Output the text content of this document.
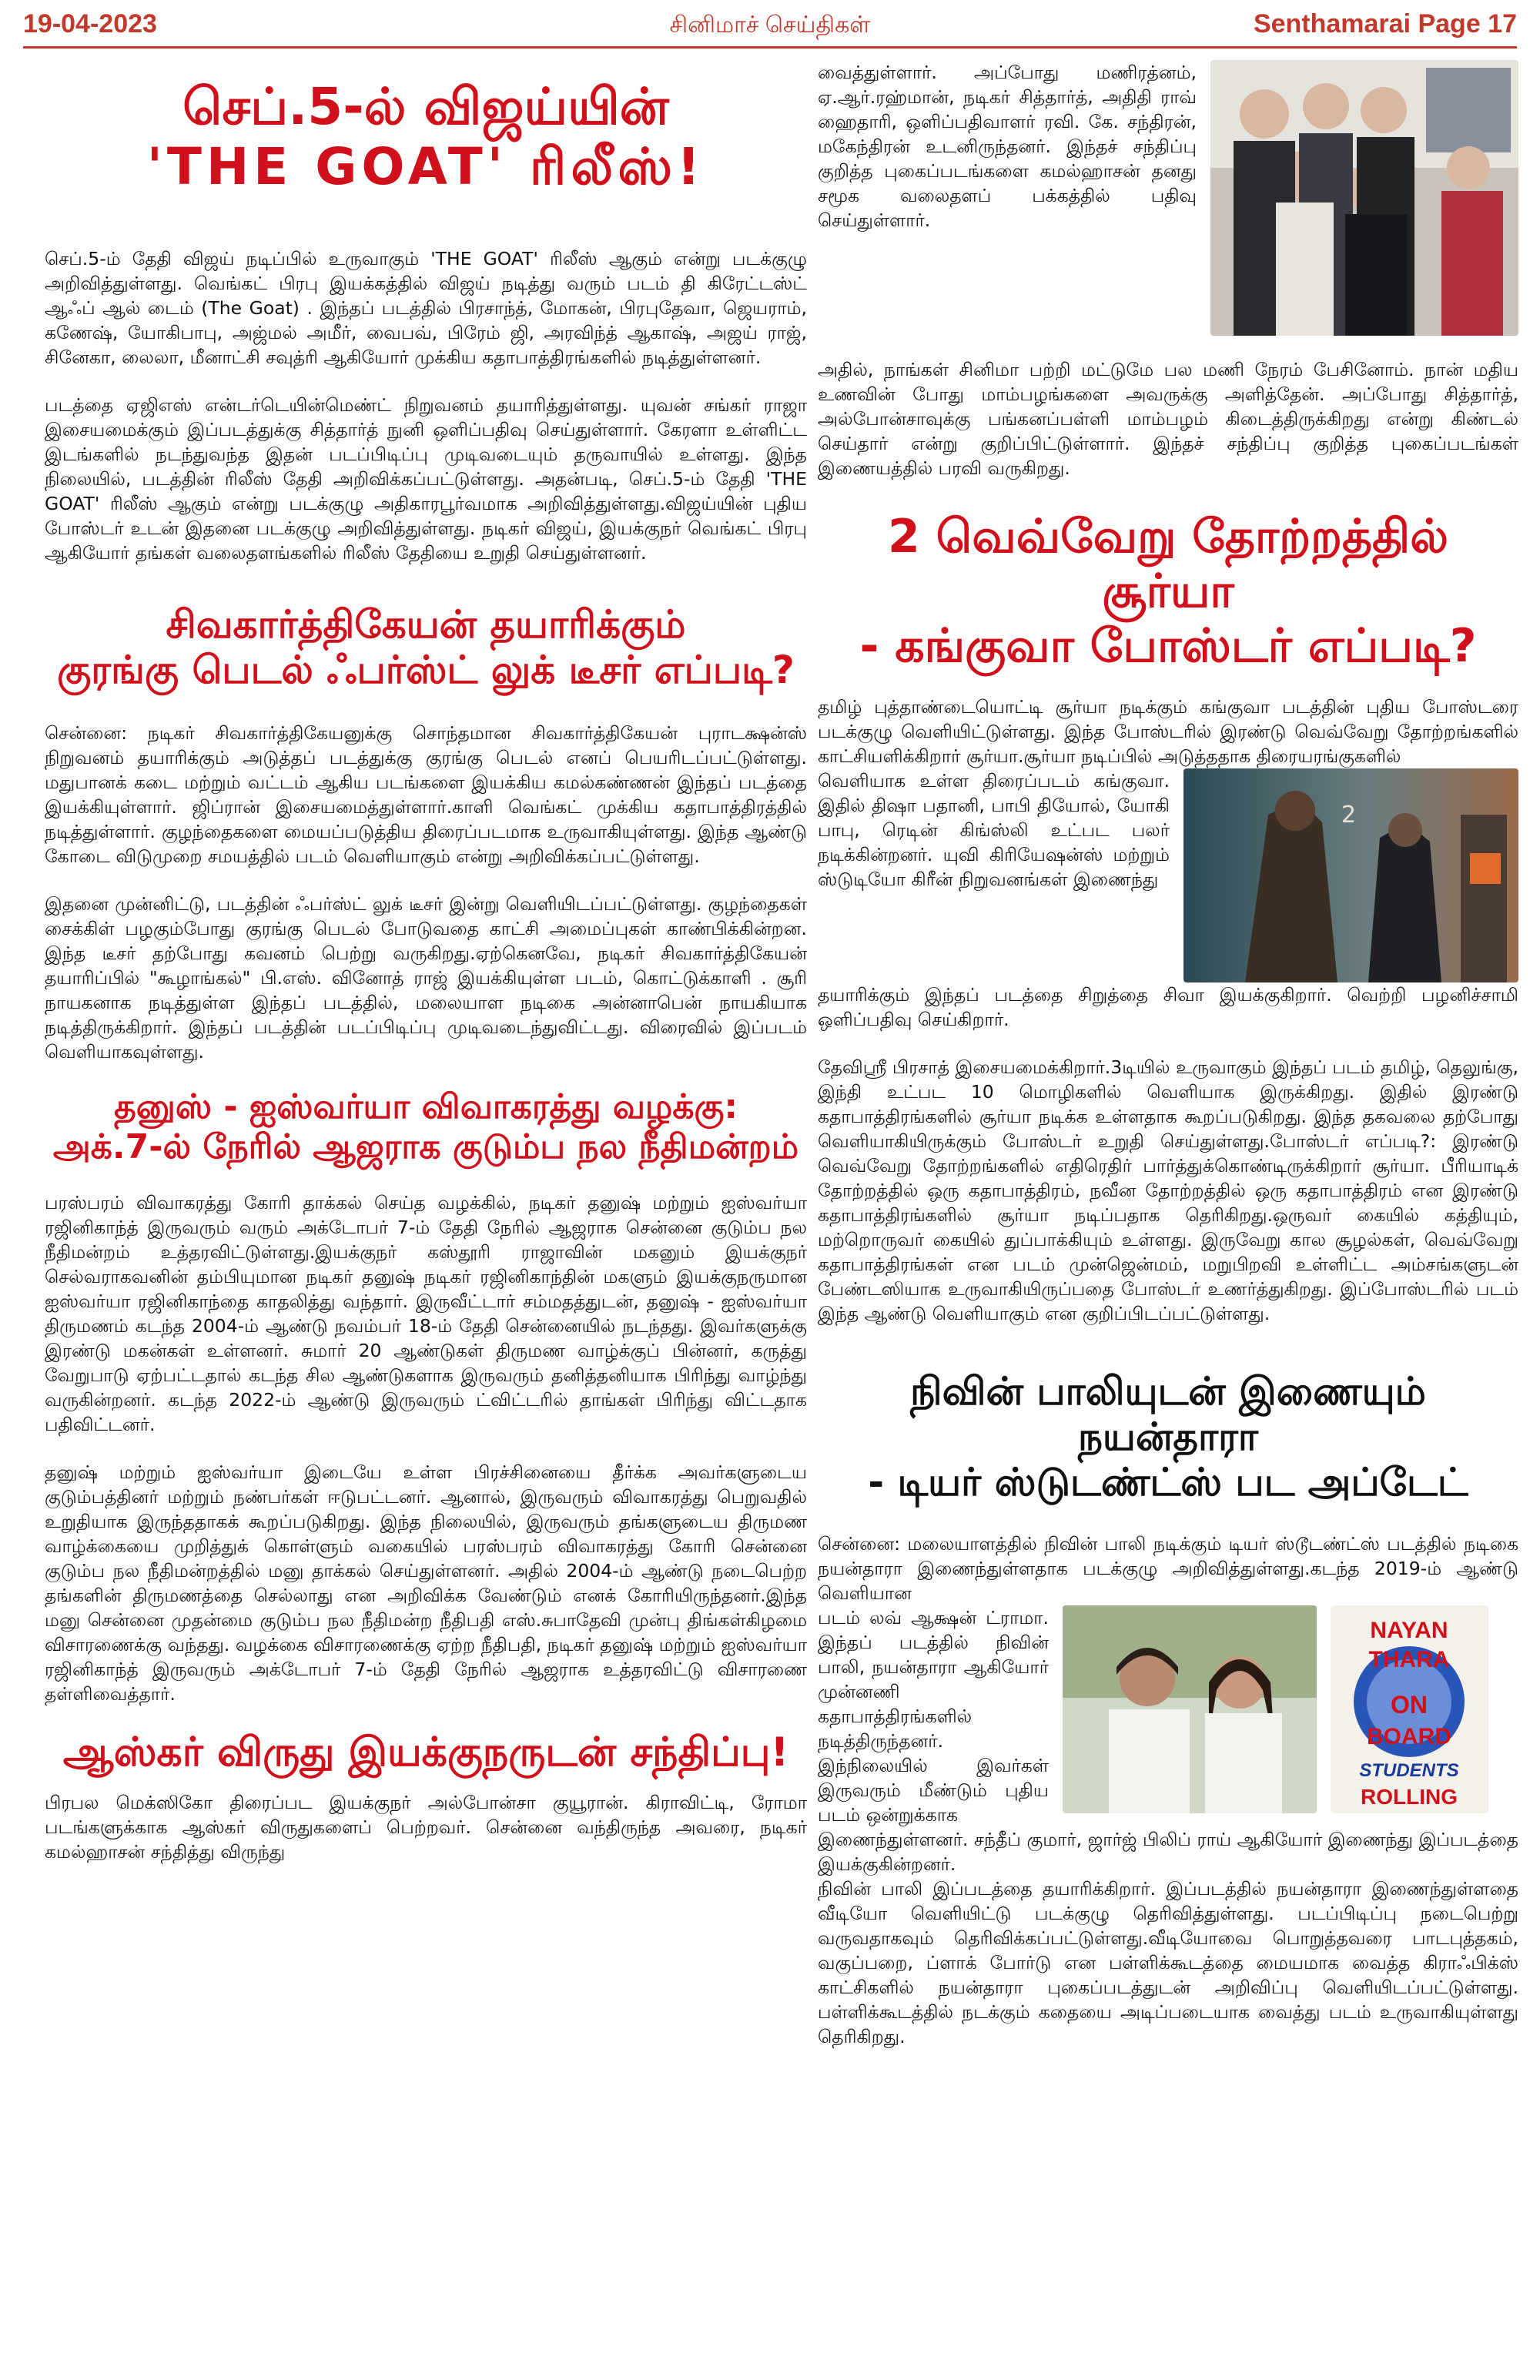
19-04-2023	சினிமாச் செய்திகள்	Senthamarai Page 17
செப்.5-ல் விஜய்யின்
'THE GOAT' ரிலீஸ்!

செப்.5-ம் தேதி விஜய் நடிப்பில் உருவாகும் 'THE GOAT' ரிலீஸ் ஆகும் என்று படக்குழு அறிவித்துள்ளது. வெங்கட் பிரபு இயக்கத்தில் விஜய் நடித்து வரும் படம் தி கிரேட்டஸ்ட் ஆஃப் ஆல் டைம் (The Goat) . இந்தப் படத்தில் பிரசாந்த், மோகன், பிரபுதேவா, ஜெயராம், கணேஷ், யோகிபாபு, அஜ்மல் அமீர், வைபவ், பிரேம் ஜி, அரவிந்த் ஆகாஷ், அஜய் ராஜ், சினேகா, லைலா, மீனாட்சி சவுத்ரி ஆகியோர் முக்கிய கதாபாத்திரங்களில் நடித்துள்ளனர்.

படத்தை ஏஜிஎஸ் என்டர்டெயின்மெண்ட் நிறுவனம் தயாரித்துள்ளது. யுவன் சங்கர் ராஜா இசையமைக்கும் இப்படத்துக்கு சித்தார்த் நுனி ஒளிப்பதிவு செய்துள்ளார். கேரளா உள்ளிட்ட இடங்களில் நடந்துவந்த இதன் படப்பிடிப்பு முடிவடையும் தருவாயில் உள்ளது. இந்த நிலையில், படத்தின் ரிலீஸ் தேதி அறிவிக்கப்பட்டுள்ளது. அதன்படி, செப்.5-ம் தேதி 'THE GOAT' ரிலீஸ் ஆகும் என்று படக்குழு அதிகாரபூர்வமாக அறிவித்துள்ளது.விஜய்யின் புதிய போஸ்டர் உடன் இதனை படக்குழு அறிவித்துள்ளது. நடிகர் விஜய், இயக்குநர் வெங்கட் பிரபு ஆகியோர் தங்கள் வலைதளங்களில் ரிலீஸ் தேதியை உறுதி செய்துள்ளனர்.

சிவகார்த்திகேயன் தயாரிக்கும்
குரங்கு பெடல் ஃபர்ஸ்ட் லுக் டீசர் எப்படி?

சென்னை: நடிகர் சிவகார்த்திகேயனுக்கு சொந்தமான சிவகார்த்திகேயன் புராடக்ஷன்ஸ் நிறுவனம் தயாரிக்கும் அடுத்தப் படத்துக்கு குரங்கு பெடல் எனப் பெயரிடப்பட்டுள்ளது. மதுபானக் கடை மற்றும் வட்டம் ஆகிய படங்களை இயக்கிய கமல்கண்ணன் இந்தப் படத்தை இயக்கியுள்ளார். ஜிப்ரான் இசையமைத்துள்ளார்.காளி வெங்கட் முக்கிய கதாபாத்திரத்தில் நடித்துள்ளார். குழந்தைகளை மையப்படுத்திய திரைப்படமாக உருவாகியுள்ளது. இந்த ஆண்டு கோடை விடுமுறை சமயத்தில் படம் வெளியாகும் என்று அறிவிக்கப்பட்டுள்ளது.

இதனை முன்னிட்டு, படத்தின் ஃபர்ஸ்ட் லுக் டீசர் இன்று வெளியிடப்பட்டுள்ளது. குழந்தைகள் சைக்கிள் பழகும்போது குரங்கு பெடல் போடுவதை காட்சி அமைப்புகள் காண்பிக்கின்றன. இந்த டீசர் தற்போது கவனம் பெற்று வருகிறது.ஏற்கெனவே, நடிகர் சிவகார்த்திகேயன் தயாரிப்பில் "கூழாங்கல்" பி.எஸ். வினோத் ராஜ் இயக்கியுள்ள படம், கொட்டுக்காளி . சூரி நாயகனாக நடித்துள்ள இந்தப் படத்தில், மலையாள நடிகை அன்னாபென் நாயகியாக நடித்திருக்கிறார். இந்தப் படத்தின் படப்பிடிப்பு முடிவடைந்துவிட்டது. விரைவில் இப்படம் வெளியாகவுள்ளது.

தனுஸ் - ஐஸ்வர்யா விவாகரத்து வழக்கு:
அக்.7-ல் நேரில் ஆஜராக குடும்ப நல நீதிமன்றம்

பரஸ்பரம் விவாகரத்து கோரி தாக்கல் செய்த வழக்கில், நடிகர் தனுஷ் மற்றும் ஐஸ்வர்யா ரஜினிகாந்த் இருவரும் வரும் அக்டோபர் 7-ம் தேதி நேரில் ஆஜராக சென்னை குடும்ப நல நீதிமன்றம் உத்தரவிட்டுள்ளது.இயக்குநர் கஸ்தூரி ராஜாவின் மகனும் இயக்குநர் செல்வராகவனின் தம்பியுமான நடிகர் தனுஷ் நடிகர் ரஜினிகாந்தின் மகளும் இயக்குநருமான ஐஸ்வர்யா ரஜினிகாந்தை காதலித்து வந்தார். இருவீட்டார் சம்மதத்துடன், தனுஷ் - ஐஸ்வர்யா திருமணம் கடந்த 2004-ம் ஆண்டு நவம்பர் 18-ம் தேதி சென்னையில் நடந்தது. இவர்களுக்கு இரண்டு மகன்கள் உள்ளனர். சுமார் 20 ஆண்டுகள் திருமண வாழ்க்குப் பின்னர், கருத்து வேறுபாடு ஏற்பட்டதால் கடந்த சில ஆண்டுகளாக இருவரும் தனித்தனியாக பிரிந்து வாழ்ந்து வருகின்றனர். கடந்த 2022-ம் ஆண்டு இருவரும் ட்விட்டரில் தாங்கள் பிரிந்து விட்டதாக பதிவிட்டனர்.

தனுஷ் மற்றும் ஐஸ்வர்யா இடையே உள்ள பிரச்சினையை தீர்க்க அவர்களுடைய குடும்பத்தினர் மற்றும் நண்பர்கள் ஈடுபட்டனர். ஆனால், இருவரும் விவாகரத்து பெறுவதில் உறுதியாக இருந்ததாகக் கூறப்படுகிறது. இந்த நிலையில், இருவரும் தங்களுடைய திருமண வாழ்க்கையை முறித்துக் கொள்ளும் வகையில் பரஸ்பரம் விவாகரத்து கோரி சென்னை குடும்ப நல நீதிமன்றத்தில் மனு தாக்கல் செய்துள்ளனர். அதில் 2004-ம் ஆண்டு நடைபெற்ற தங்களின் திருமணத்தை செல்லாது என அறிவிக்க வேண்டும் எனக் கோரியிருந்தனர்.இந்த மனு சென்னை முதன்மை குடும்ப நல நீதிமன்ற நீதிபதி எஸ்.சுபாதேவி முன்பு திங்கள்கிழமை விசாரணைக்கு வந்தது. வழக்கை விசாரணைக்கு ஏற்ற நீதிபதி, நடிகர் தனுஷ் மற்றும் ஐஸ்வர்யா ரஜினிகாந்த் இருவரும் அக்டோபர் 7-ம் தேதி நேரில் ஆஜராக உத்தரவிட்டு விசாரணை தள்ளிவைத்தார்.

ஆஸ்கர் விருது இயக்குநருடன் சந்திப்பு!

பிரபல மெக்ஸிகோ திரைப்பட இயக்குநர் அல்போன்சா குயூரான். கிராவிட்டி, ரோமா படங்களுக்காக ஆஸ்கர் விருதுகளைப் பெற்றவர். சென்னை வந்திருந்த அவரை, நடிகர் கமல்ஹாசன் சந்தித்து விருந்து

வைத்துள்ளார். அப்போது மணிரத்னம், ஏ.ஆர்.ரஹ்மான், நடிகர் சித்தார்த், அதிதி ராவ் ஹைதாரி, ஒளிப்பதிவாளர் ரவி. கே. சந்திரன், மகேந்திரன் உடனிருந்தனர். இந்தச் சந்திப்பு குறித்த புகைப்படங்களை கமல்ஹாசன் தனது சமூக வலைதளப் பக்கத்தில் பதிவு செய்துள்ளார்.

அதில், நாங்கள் சினிமா பற்றி மட்டுமே பல மணி நேரம் பேசினோம். நான் மதிய உணவின் போது மாம்பழங்களை அவருக்கு அளித்தேன். அப்போது சித்தார்த், அல்போன்சாவுக்கு பங்கனப்பள்ளி மாம்பழம் கிடைத்திருக்கிறது என்று கிண்டல் செய்தார் என்று குறிப்பிட்டுள்ளார். இந்தச் சந்திப்பு குறித்த புகைப்படங்கள் இணையத்தில் பரவி வருகிறது.

2 வெவ்வேறு தோற்றத்தில் சூர்யா
- கங்குவா போஸ்டர் எப்படி?

தமிழ் புத்தாண்டையொட்டி சூர்யா நடிக்கும் கங்குவா படத்தின் புதிய போஸ்டரை படக்குழு வெளியிட்டுள்ளது. இந்த போஸ்டரில் இரண்டு வெவ்வேறு தோற்றங்களில் காட்சியளிக்கிறார் சூர்யா.சூர்யா நடிப்பில் அடுத்ததாக திரையரங்குகளில்

வெளியாக உள்ள திரைப்படம் கங்குவா. இதில் திஷா பதானி, பாபி தியோல், யோகி பாபு, ரெடின் கிங்ஸ்லி உட்பட பலர் நடிக்கின்றனர். யுவி கிரியேஷன்ஸ் மற்றும் ஸ்டுடியோ கிரீன் நிறுவனங்கள் இணைந்து
2

தயாரிக்கும் இந்தப் படத்தை சிறுத்தை சிவா இயக்குகிறார். வெற்றி பழனிச்சாமி ஒளிப்பதிவு செய்கிறார்.

தேவிஸ்ரீ பிரசாத் இசையமைக்கிறார்.3டியில் உருவாகும் இந்தப் படம் தமிழ், தெலுங்கு, இந்தி உட்பட 10 மொழிகளில் வெளியாக இருக்கிறது. இதில் இரண்டு கதாபாத்திரங்களில் சூர்யா நடிக்க உள்ளதாக கூறப்படுகிறது. இந்த தகவலை தற்போது வெளியாகியிருக்கும் போஸ்டர் உறுதி செய்துள்ளது.போஸ்டர் எப்படி?: இரண்டு வெவ்வேறு தோற்றங்களில் எதிரெதிர் பார்த்துக்கொண்டிருக்கிறார் சூர்யா. பீரியாடிக் தோற்றத்தில் ஒரு கதாபாத்திரம், நவீன தோற்றத்தில் ஒரு கதாபாத்திரம் என இரண்டு கதாபாத்திரங்களில் சூர்யா நடிப்பதாக தெரிகிறது.ஒருவர் கையில் கத்தியும், மற்றொருவர் கையில் துப்பாக்கியும் உள்ளது. இருவேறு கால சூழல்கள், வெவ்வேறு கதாபாத்திரங்கள் என படம் முன்ஜென்மம், மறுபிறவி உள்ளிட்ட அம்சங்களுடன் பேண்டஸியாக உருவாகியிருப்பதை போஸ்டர் உணர்த்துகிறது. இப்போஸ்டரில் படம் இந்த ஆண்டு வெளியாகும் என குறிப்பிடப்பட்டுள்ளது.

நிவின் பாலியுடன் இணையும் நயன்தாரா
- டியர் ஸ்டுடண்ட்ஸ் பட அப்டேட்

சென்னை: மலையாளத்தில் நிவின் பாலி நடிக்கும் டியர் ஸ்டூடண்ட்ஸ் படத்தில் நடிகை நயன்தாரா இணைந்துள்ளதாக படக்குழு அறிவித்துள்ளது.கடந்த 2019-ம் ஆண்டு வெளியான

படம் லவ் ஆக்ஷன் ட்ராமா. இந்தப் படத்தில் நிவின் பாலி, நயன்தாரா ஆகியோர் முன்னணி கதாபாத்திரங்களில் நடித்திருந்தனர். இந்நிலையில் இவர்கள் இருவரும் மீண்டும் புதிய படம் ஒன்றுக்காக
NAYAN
THARA
ON
BOARD
STUDENTS
ROLLING

இணைந்துள்ளனர். சந்தீப் குமார், ஜார்ஜ் பிலிப் ராய் ஆகியோர் இணைந்து இப்படத்தை இயக்குகின்றனர்.

நிவின் பாலி இப்படத்தை தயாரிக்கிறார். இப்படத்தில் நயன்தாரா இணைந்துள்ளதை வீடியோ வெளியிட்டு படக்குழு தெரிவித்துள்ளது. படப்பிடிப்பு நடைபெற்று வருவதாகவும் தெரிவிக்கப்பட்டுள்ளது.வீடியோவை பொறுத்தவரை பாடபுத்தகம், வகுப்பறை, ப்ளாக் போர்டு என பள்ளிக்கூடத்தை மையமாக வைத்த கிராஃபிக்ஸ் காட்சிகளில் நயன்தாரா புகைப்படத்துடன் அறிவிப்பு வெளியிடப்பட்டுள்ளது. பள்ளிக்கூடத்தில் நடக்கும் கதையை அடிப்படையாக வைத்து படம் உருவாகியுள்ளது தெரிகிறது.
